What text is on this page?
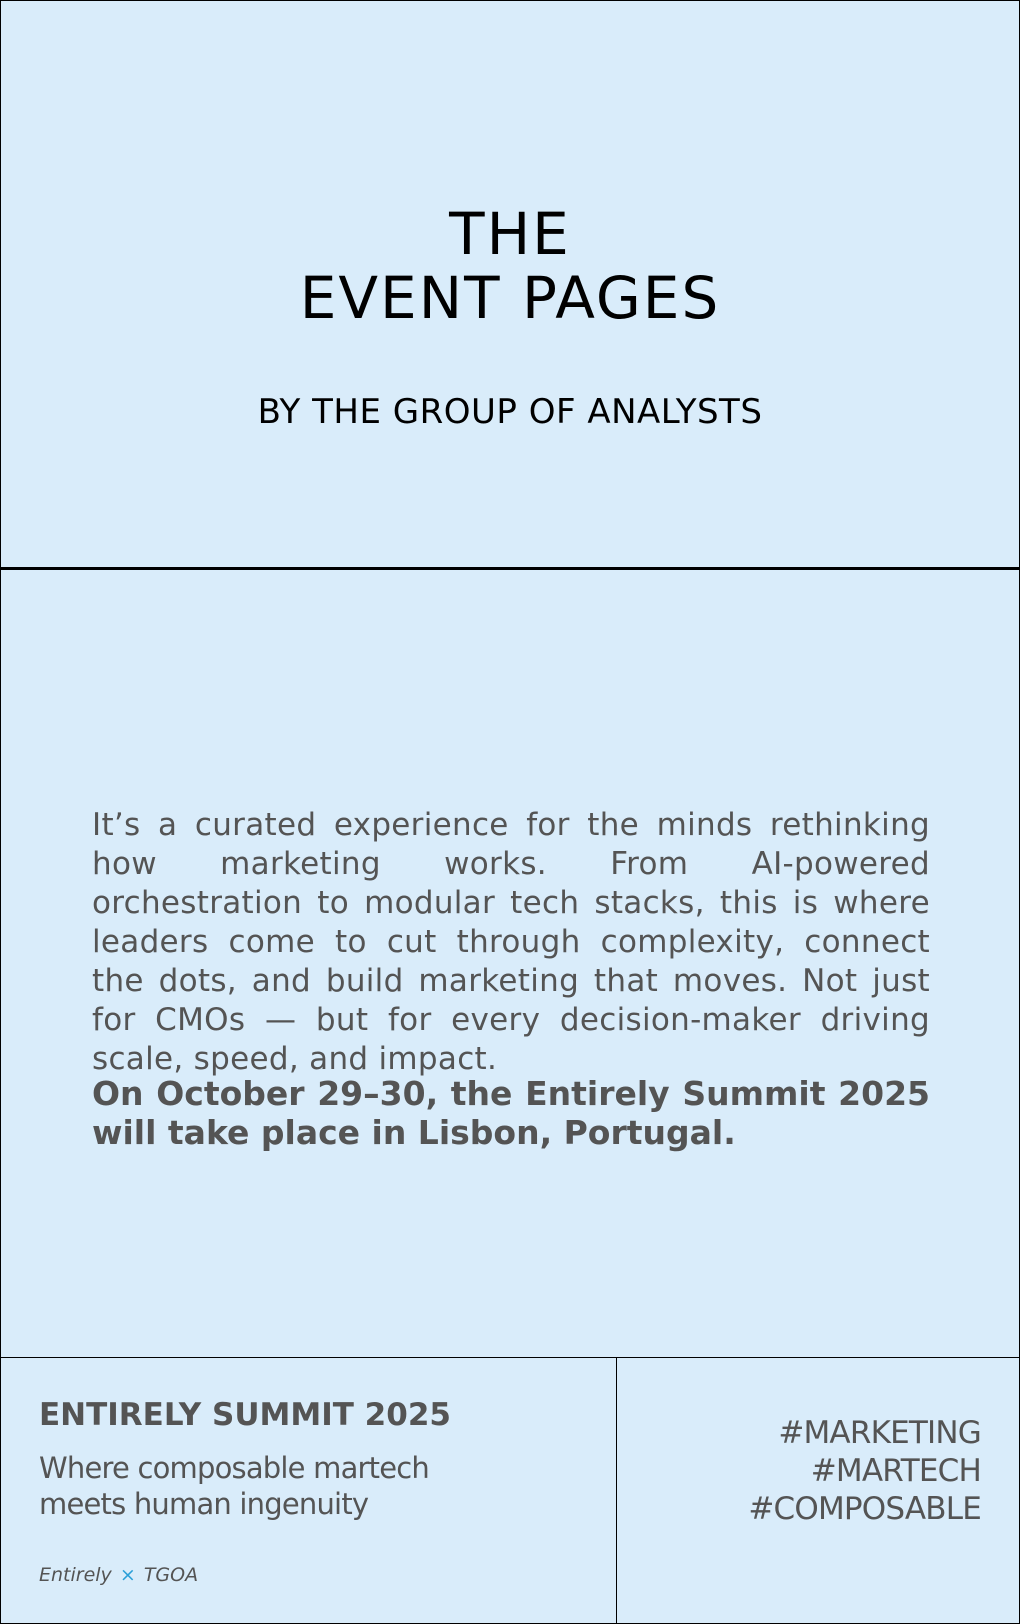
THE
EVENT PAGES
BY THE GROUP OF ANALYSTS

It’s a curated experience for the minds rethinking how marketing works. From AI-powered orchestration to modular tech stacks, this is where leaders come to cut through complexity, connect the dots, and build marketing that moves. Not just for CMOs — but for every decision-maker driving scale, speed, and impact.

On October 29–30, the Entirely Summit 2025 will take place in Lisbon, Portugal.

ENTIRELY SUMMIT 2025
Where composable martech
meets human ingenuity
Entirely × TGOA
#MARKETING
#MARTECH
#COMPOSABLE
